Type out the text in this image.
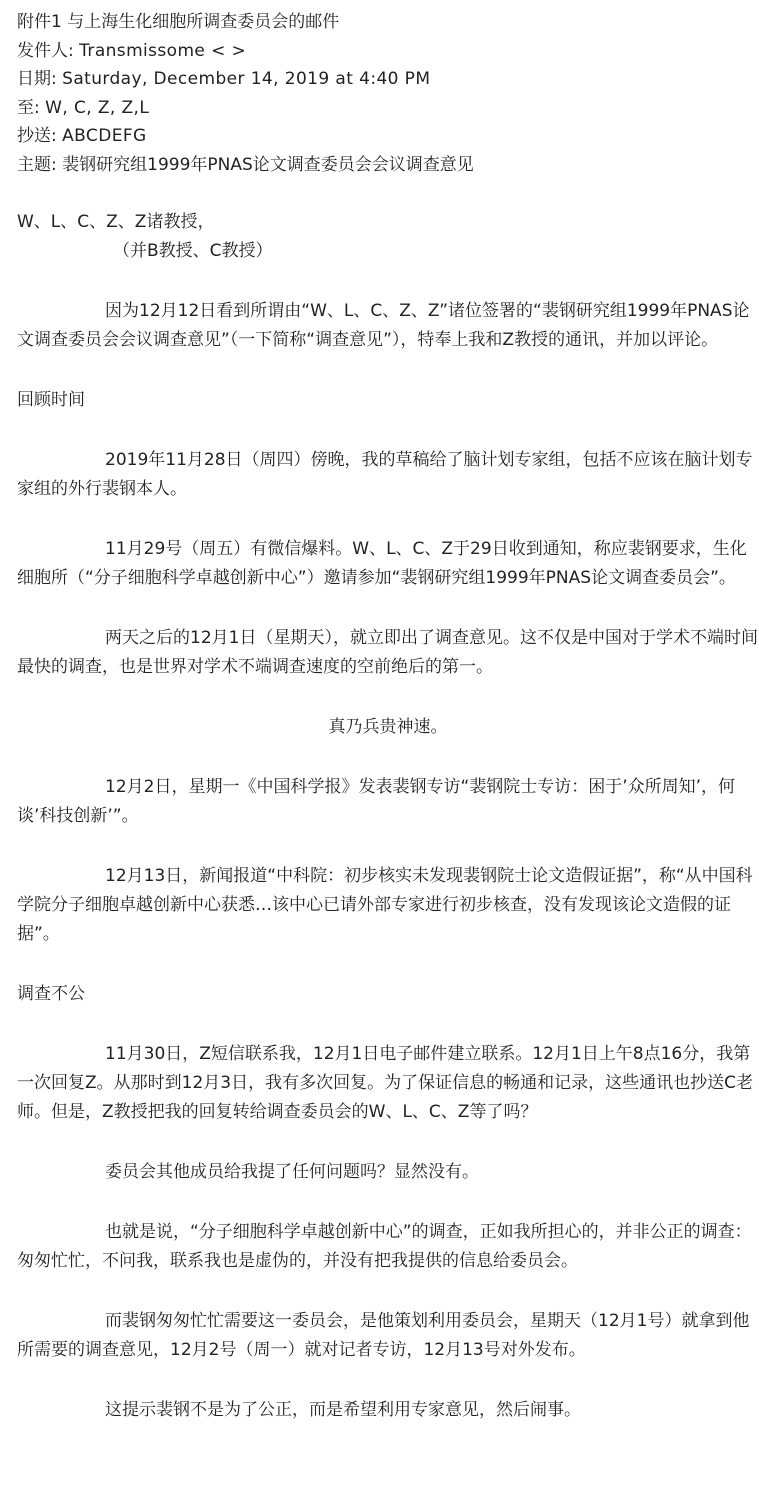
附件1 与上海生化细胞所调查委员会的邮件
发件人: Transmissome < >
日期: Saturday, December 14, 2019 at 4:40 PM
至: W, C, Z, Z,L
抄送: ABCDEFG
主题: 裴钢研究组1999年PNAS论文调查委员会会议调查意见
W、L、C、Z、Z诸教授，
（并B教授、C教授）

因为12月12日看到所谓由“W、L、C、Z、Z”诸位签署的“裴钢研究组1999年PNAS论文调查委员会会议调查意见”（一下简称“调查意见”），特奉上我和Z教授的通讯，并加以评论。

回顾时间

2019年11月28日（周四）傍晚，我的草稿给了脑计划专家组，包括不应该在脑计划专家组的外行裴钢本人。

11月29号（周五）有微信爆料。W、L、C、Z于29日收到通知，称应裴钢要求，生化细胞所（“分子细胞科学卓越创新中心”）邀请参加“裴钢研究组1999年PNAS论文调查委员会”。

两天之后的12月1日（星期天），就立即出了调查意见。这不仅是中国对于学术不端时间最快的调查，也是世界对学术不端调查速度的空前绝后的第一。

真乃兵贵神速。

12月2日，星期一《中国科学报》发表裴钢专访“裴钢院士专访：困于’众所周知’，何谈’科技创新’”。

12月13日，新闻报道“中科院：初步核实未发现裴钢院士论文造假证据”，称“从中国科学院分子细胞卓越创新中心获悉…该中心已请外部专家进行初步核查，没有发现该论文造假的证据”。

调查不公

11月30日，Z短信联系我，12月1日电子邮件建立联系。12月1日上午8点16分，我第一次回复Z。从那时到12月3日，我有多次回复。为了保证信息的畅通和记录，这些通讯也抄送C老师。但是，Z教授把我的回复转给调查委员会的W、L、C、Z等了吗？

委员会其他成员给我提了任何问题吗？显然没有。

也就是说，“分子细胞科学卓越创新中心”的调查，正如我所担心的，并非公正的调查：匆匆忙忙，不问我，联系我也是虚伪的，并没有把我提供的信息给委员会。

而裴钢匆匆忙忙需要这一委员会，是他策划利用委员会，星期天（12月1号）就拿到他所需要的调查意见，12月2号（周一）就对记者专访，12月13号对外发布。

这提示裴钢不是为了公正，而是希望利用专家意见，然后闹事。
